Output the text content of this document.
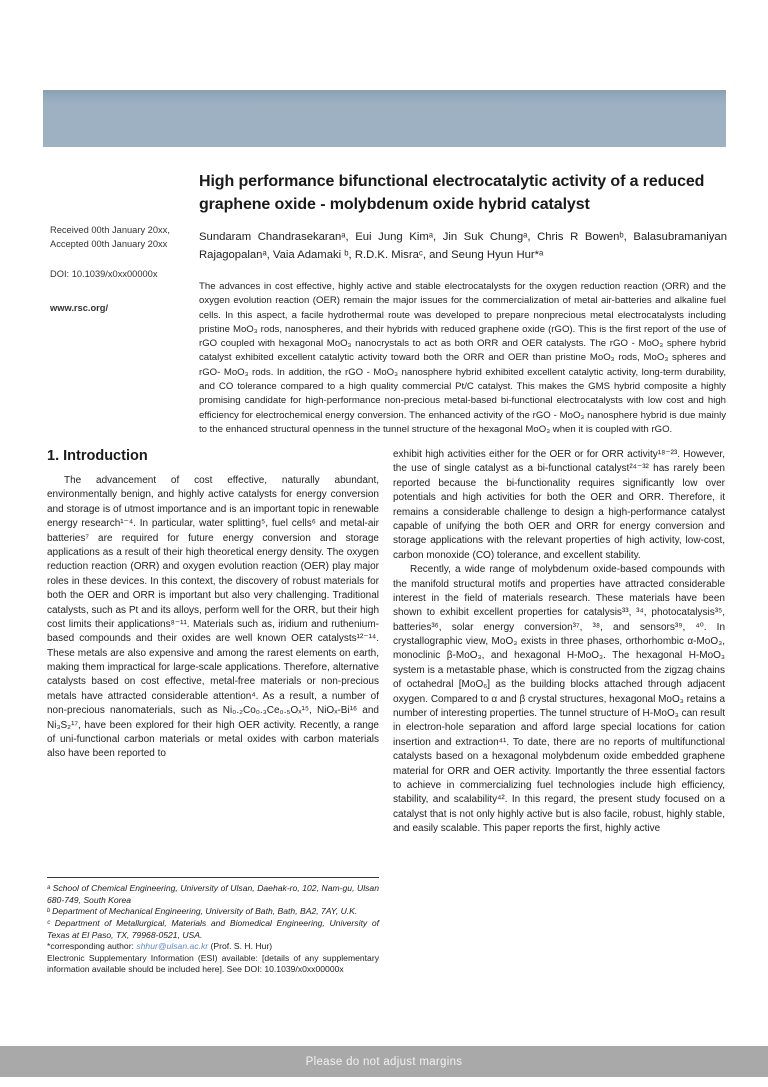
High performance bifunctional electrocatalytic activity of a reduced graphene oxide - molybdenum oxide hybrid catalyst
Received 00th January 20xx,
Accepted 00th January 20xx
DOI: 10.1039/x0xx00000x
www.rsc.org/
Sundaram Chandrasekaranᵃ, Eui Jung Kimᵃ, Jin Suk Chungᵃ, Chris R Bowenᵇ, Balasubramaniyan Rajagopalanᵃ, Vaia Adamaki ᵇ, R.D.K. Misraᶜ, and Seung Hyun Hur*ᵃ
The advances in cost effective, highly active and stable electrocatalysts for the oxygen reduction reaction (ORR) and the oxygen evolution reaction (OER) remain the major issues for the commercialization of metal air-batteries and alkaline fuel cells. In this aspect, a facile hydrothermal route was developed to prepare nonprecious metal electrocatalysts including pristine MoO₃ rods, nanospheres, and their hybrids with reduced graphene oxide (rGO). This is the first report of the use of rGO coupled with hexagonal MoO₃ nanocrystals to act as both ORR and OER catalysts. The rGO - MoO₃ sphere hybrid catalyst exhibited excellent catalytic activity toward both the ORR and OER than pristine MoO₃ rods, MoO₃ spheres and rGO- MoO₃ rods. In addition, the rGO - MoO₃ nanosphere hybrid exhibited excellent catalytic activity, long-term durability, and CO tolerance compared to a high quality commercial Pt/C catalyst. This makes the GMS hybrid composite a highly promising candidate for high-performance non-precious metal-based bi-functional electrocatalysts with low cost and high efficiency for electrochemical energy conversion. The enhanced activity of the rGO - MoO₃ nanosphere hybrid is due mainly to the enhanced structural openness in the tunnel structure of the hexagonal MoO₃ when it is coupled with rGO.
1. Introduction

The advancement of cost effective, naturally abundant, environmentally benign, and highly active catalysts for energy conversion and storage is of utmost importance and is an important topic in renewable energy research¹⁻⁴. In particular, water splitting⁵, fuel cells⁶ and metal-air batteries⁷ are required for future energy conversion and storage applications as a result of their high theoretical energy density. The oxygen reduction reaction (ORR) and oxygen evolution reaction (OER) play major roles in these devices. In this context, the discovery of robust materials for both the OER and ORR is important but also very challenging. Traditional catalysts, such as Pt and its alloys, perform well for the ORR, but their high cost limits their applications⁸⁻¹¹. Materials such as, iridium and ruthenium-based compounds and their oxides are well known OER catalysts¹²⁻¹⁴. These metals are also expensive and among the rarest elements on earth, making them impractical for large-scale applications. Therefore, alternative catalysts based on cost effective, metal-free materials or non-precious metals have attracted considerable attention⁴. As a result, a number of non-precious nanomaterials, such as Ni₀.₂Co₀.₃Ce₀.₅Oₓ¹⁵, NiOₓ-Bi¹⁶ and Ni₃S₂¹⁷, have been explored for their high OER activity. Recently, a range of uni-functional carbon materials or metal oxides with carbon materials also have been reported to

ᵃ School of Chemical Engineering, University of Ulsan, Daehak-ro, 102, Nam-gu, Ulsan 680-749, South Korea

ᵇ Department of Mechanical Engineering, University of Bath, Bath, BA2, 7AY, U.K.

ᶜ Department of Metallurgical, Materials and Biomedical Engineering, University of Texas at El Paso, TX, 79968-0521, USA.

*corresponding author: shhur@ulsan.ac.kr (Prof. S. H. Hur)

Electronic Supplementary Information (ESI) available: [details of any supplementary information available should be included here]. See DOI: 10.1039/x0xx00000x

exhibit high activities either for the OER or for ORR activity¹⁸⁻²³. However, the use of single catalyst as a bi-functional catalyst²⁴⁻³² has rarely been reported because the bi-functionality requires significantly low over potentials and high activities for both the OER and ORR. Therefore, it remains a considerable challenge to design a high-performance catalyst capable of unifying the both OER and ORR for energy conversion and storage applications with the relevant properties of high activity, low-cost, carbon monoxide (CO) tolerance, and excellent stability.

Recently, a wide range of molybdenum oxide-based compounds with the manifold structural motifs and properties have attracted considerable interest in the field of materials research. These materials have been shown to exhibit excellent properties for catalysis³³, ³⁴, photocatalysis³⁵, batteries³⁶, solar energy conversion³⁷, ³⁸, and sensors³⁹, ⁴⁰. In crystallographic view, MoO₃ exists in three phases, orthorhombic α-MoO₃, monoclinic β-MoO₃, and hexagonal H-MoO₃. The hexagonal H-MoO₃ system is a metastable phase, which is constructed from the zigzag chains of octahedral [MoO₆] as the building blocks attached through adjacent oxygen. Compared to α and β crystal structures, hexagonal MoO₃ retains a number of interesting properties. The tunnel structure of H-MoO₃ can result in electron-hole separation and afford large special locations for cation insertion and extraction⁴¹. To date, there are no reports of multifunctional catalysts based on a hexagonal molybdenum oxide embedded graphene material for ORR and OER activity. Importantly the three essential factors to achieve in commercializing fuel technologies include high efficiency, stability, and scalability⁴². In this regard, the present study focused on a catalyst that is not only highly active but is also facile, robust, highly stable, and easily scalable. This paper reports the first, highly active

Please do not adjust margins
